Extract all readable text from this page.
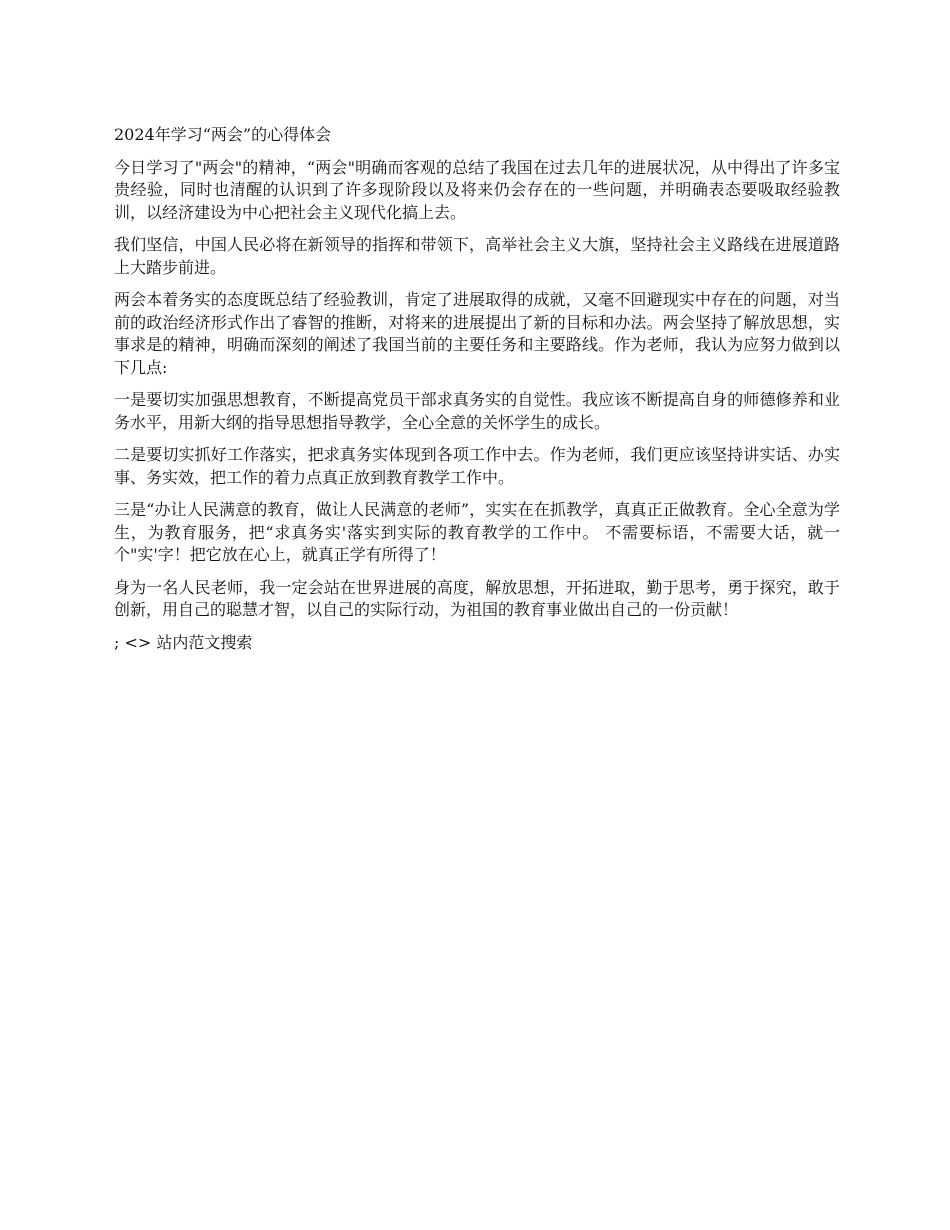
2024年学习“两会”的心得体会

今日学习了"两会"的精神，“两会"明确而客观的总结了我国在过去几年的进展状况，从中得出了许多宝贵经验，同时也清醒的认识到了许多现阶段以及将来仍会存在的一些问题，并明确表态要吸取经验教训，以经济建设为中心把社会主义现代化搞上去。

我们坚信，中国人民必将在新领导的指挥和带领下，高举社会主义大旗，坚持社会主义路线在进展道路上大踏步前进。

两会本着务实的态度既总结了经验教训，肯定了进展取得的成就，又毫不回避现实中存在的问题，对当前的政治经济形式作出了睿智的推断，对将来的进展提出了新的目标和办法。两会坚持了解放思想，实事求是的精神，明确而深刻的阐述了我国当前的主要任务和主要路线。作为老师，我认为应努力做到以下几点:

一是要切实加强思想教育，不断提高党员干部求真务实的自觉性。我应该不断提高自身的师德修养和业务水平，用新大纲的指导思想指导教学，全心全意的关怀学生的成长。

二是要切实抓好工作落实，把求真务实体现到各项工作中去。作为老师，我们更应该坚持讲实话、办实事、务实效，把工作的着力点真正放到教育教学工作中。

三是“办让人民满意的教育，做让人民满意的老师”，实实在在抓教学，真真正正做教育。全心全意为学生，为教育服务，把“求真务实'落实到实际的教育教学的工作中。 不需要标语，不需要大话，就一个"实'字！把它放在心上，就真正学有所得了！

身为一名人民老师，我一定会站在世界进展的高度，解放思想，开拓进取，勤于思考，勇于探究，敢于创新，用自己的聪慧才智，以自己的实际行动，为祖国的教育事业做出自己的一份贡献！

; <> 站内范文搜索
